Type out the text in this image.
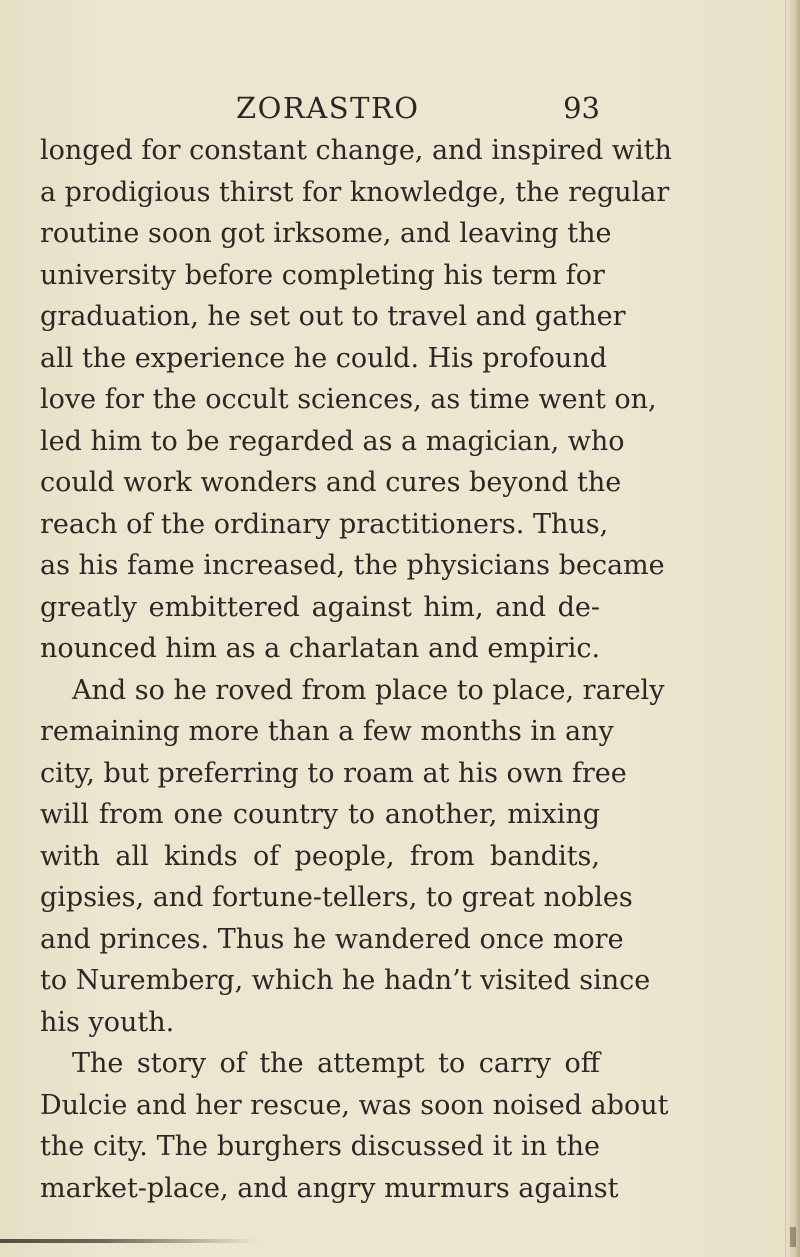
ZORASTRO	93
longed for constant change, and inspired with
a prodigious thirst for knowledge, the regular
routine soon got irksome, and leaving the
university before completing his term for
graduation, he set out to travel and gather
all the experience he could. His profound
love for the occult sciences, as time went on,
led him to be regarded as a magician, who
could work wonders and cures beyond the
reach of the ordinary practitioners. Thus,
as his fame increased, the physicians became
greatly embittered against him, and de-
nounced him as a charlatan and empiric.
And so he roved from place to place, rarely
remaining more than a few months in any
city, but preferring to roam at his own free
will from one country to another, mixing
with all kinds of people, from bandits,
gipsies, and fortune-tellers, to great nobles
and princes. Thus he wandered once more
to Nuremberg, which he hadn’t visited since
his youth.
The story of the attempt to carry off
Dulcie and her rescue, was soon noised about
the city. The burghers discussed it in the
market-place, and angry murmurs against
